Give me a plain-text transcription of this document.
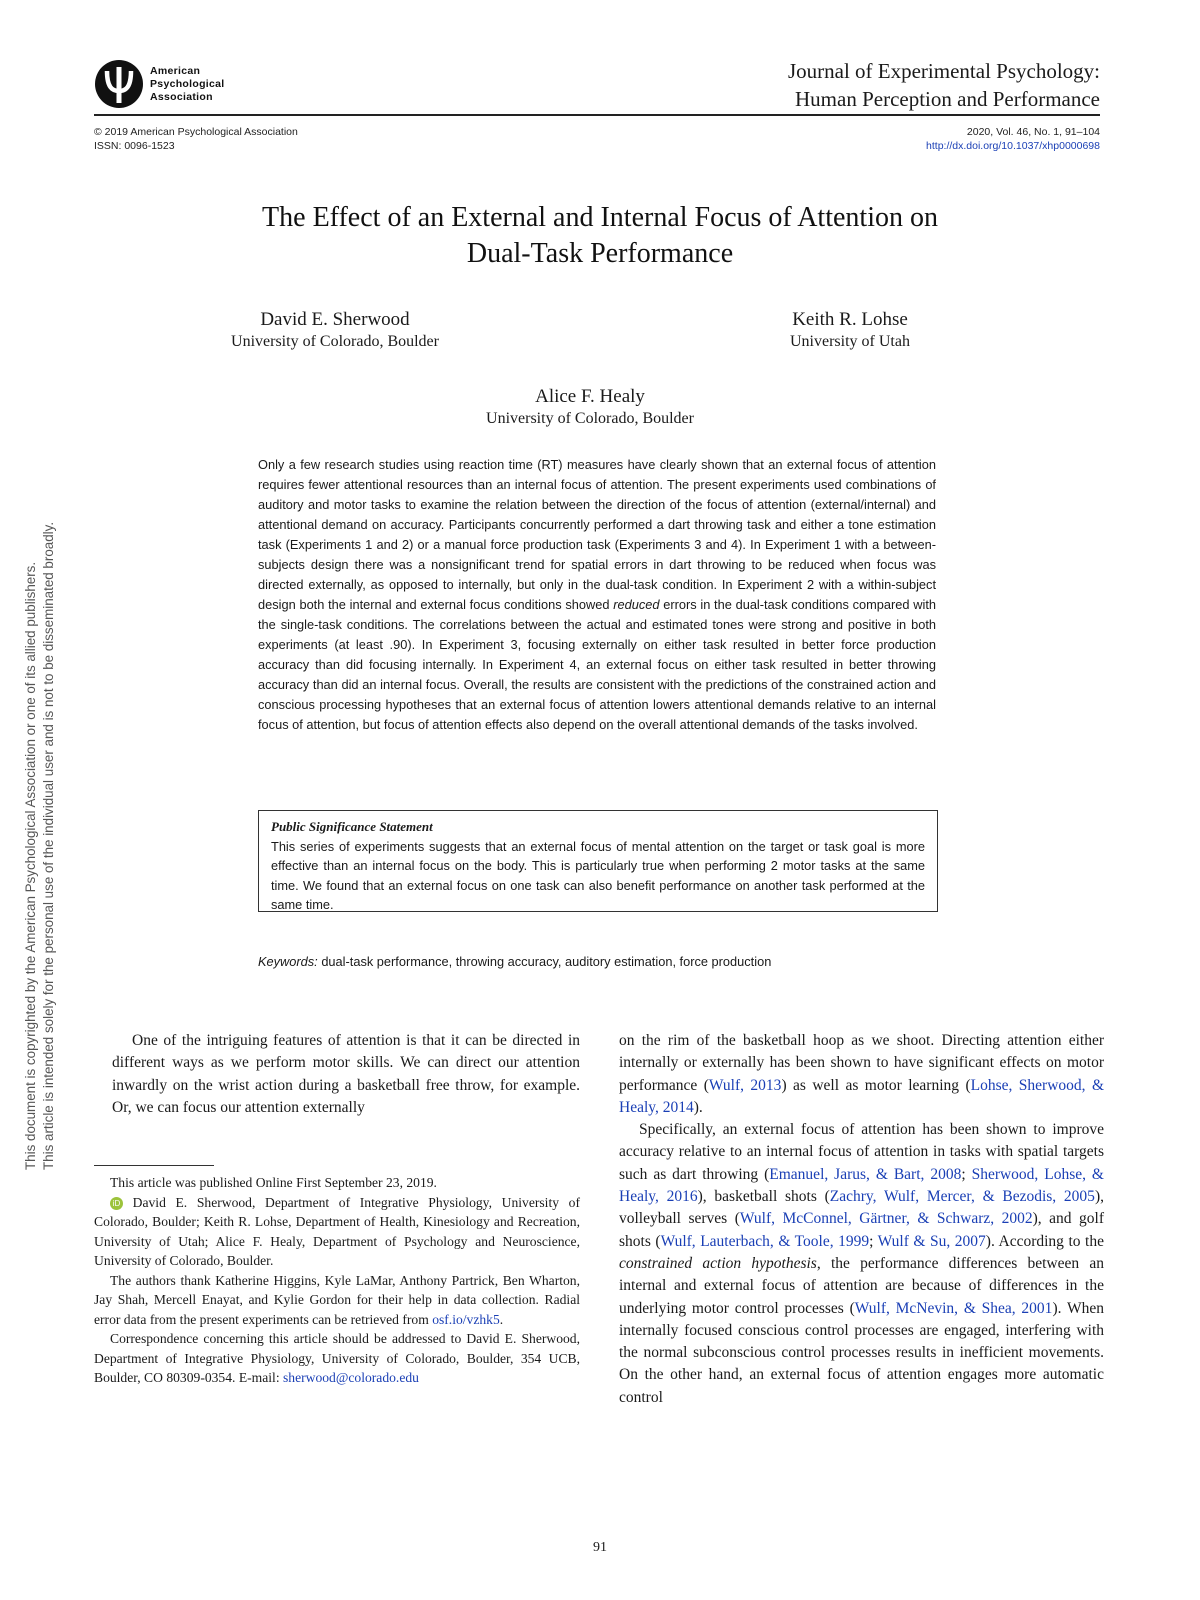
American
Psychological
Association
Journal of Experimental Psychology:
Human Perception and Performance
© 2019 American Psychological Association
ISSN: 0096-1523
2020, Vol. 46, No. 1, 91–104
http://dx.doi.org/10.1037/xhp0000698
The Effect of an External and Internal Focus of Attention on
Dual-Task Performance
David E. Sherwood
University of Colorado, Boulder
Keith R. Lohse
University of Utah
Alice F. Healy
University of Colorado, Boulder
Only a few research studies using reaction time (RT) measures have clearly shown that an external focus of attention requires fewer attentional resources than an internal focus of attention. The present experiments used combinations of auditory and motor tasks to examine the relation between the direction of the focus of attention (external/internal) and attentional demand on accuracy. Participants concurrently performed a dart throwing task and either a tone estimation task (Experiments 1 and 2) or a manual force production task (Experiments 3 and 4). In Experiment 1 with a between-subjects design there was a nonsignificant trend for spatial errors in dart throwing to be reduced when focus was directed externally, as opposed to internally, but only in the dual-task condition. In Experiment 2 with a within-subject design both the internal and external focus conditions showed reduced errors in the dual-task conditions compared with the single-task conditions. The correlations between the actual and estimated tones were strong and positive in both experiments (at least .90). In Experiment 3, focusing externally on either task resulted in better force production accuracy than did focusing internally. In Experiment 4, an external focus on either task resulted in better throwing accuracy than did an internal focus. Overall, the results are consistent with the predictions of the constrained action and conscious processing hypotheses that an external focus of attention lowers attentional demands relative to an internal focus of attention, but focus of attention effects also depend on the overall attentional demands of the tasks involved.
Public Significance Statement
This series of experiments suggests that an external focus of mental attention on the target or task goal is more effective than an internal focus on the body. This is particularly true when performing 2 motor tasks at the same time. We found that an external focus on one task can also benefit performance on another task performed at the same time.
Keywords: dual-task performance, throwing accuracy, auditory estimation, force production

One of the intriguing features of attention is that it can be directed in different ways as we perform motor skills. We can direct our attention inwardly on the wrist action during a basketball free throw, for example. Or, we can focus our attention externally

on the rim of the basketball hoop as we shoot. Directing attention either internally or externally has been shown to have significant effects on motor performance (Wulf, 2013) as well as motor learning (Lohse, Sherwood, & Healy, 2014).

Specifically, an external focus of attention has been shown to improve accuracy relative to an internal focus of attention in tasks with spatial targets such as dart throwing (Emanuel, Jarus, & Bart, 2008; Sherwood, Lohse, & Healy, 2016), basketball shots (Zachry, Wulf, Mercer, & Bezodis, 2005), volleyball serves (Wulf, McConnel, Gärtner, & Schwarz, 2002), and golf shots (Wulf, Lauterbach, & Toole, 1999; Wulf & Su, 2007). According to the constrained action hypothesis, the performance differences between an internal and external focus of attention are because of differences in the underlying motor control processes (Wulf, McNevin, & Shea, 2001). When internally focused conscious control processes are engaged, interfering with the normal subconscious control processes results in inefficient movements. On the other hand, an external focus of attention engages more automatic control

This article was published Online First September 23, 2019.

iD David E. Sherwood, Department of Integrative Physiology, University of Colorado, Boulder; Keith R. Lohse, Department of Health, Kinesiology and Recreation, University of Utah; Alice F. Healy, Department of Psychology and Neuroscience, University of Colorado, Boulder.

The authors thank Katherine Higgins, Kyle LaMar, Anthony Partrick, Ben Wharton, Jay Shah, Mercell Enayat, and Kylie Gordon for their help in data collection. Radial error data from the present experiments can be retrieved from osf.io/vzhk5.

Correspondence concerning this article should be addressed to David E. Sherwood, Department of Integrative Physiology, University of Colorado, Boulder, 354 UCB, Boulder, CO 80309-0354. E-mail: sherwood@colorado.edu

91
This document is copyrighted by the American Psychological Association or one of its allied publishers. This article is intended solely for the personal use of the individual user and is not to be disseminated broadly.
